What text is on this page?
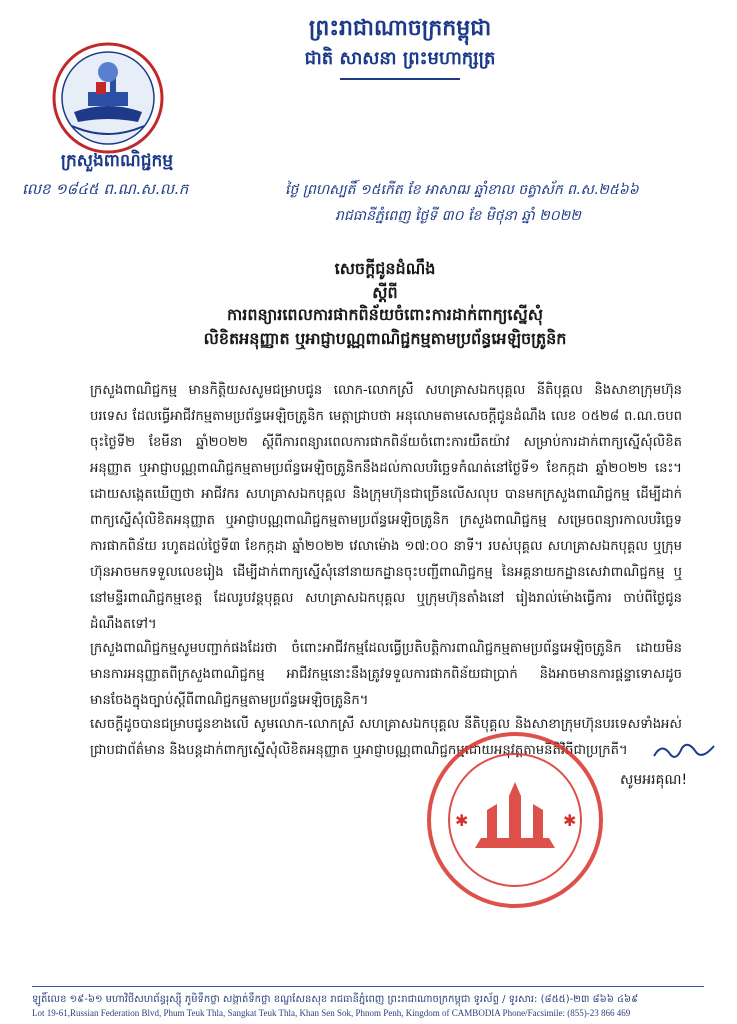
ព្រះរាជាណាចក្រកម្ពុជា
ជាតិ សាសនា ព្រះមហាក្សត្រ
ក្រសួងពាណិជ្ជកម្ម
លេខ ១៨៤៥ ព.ណ.ស.ល.ក	ថ្ងៃ ព្រហស្បតិ៍ ១៥កើត ខែ អាសាឍ ឆ្នាំខាល ចត្វាស័ក ព.ស.២៥៦៦
រាជធានីភ្នំពេញ ថ្ងៃទី ៣០ ខែ មិថុនា ឆ្នាំ ២០២២
សេចក្តីជូនដំណឹង
ស្តីពី
ការពន្យារពេលការផាកពិន័យចំពោះការដាក់ពាក្យស្នើសុំ
លិខិតអនុញ្ញាត ឬអាជ្ញាបណ្ណពាណិជ្ជកម្មតាមប្រព័ន្ធអេឡិចត្រូនិក
ក្រសួងពាណិជ្ជកម្ម មានកិត្តិយសសូមជម្រាបជូន លោក-លោកស្រី សហគ្រាសឯកបុគ្គល នីតិបុគ្គល និងសាខាក្រុមហ៊ុនបរទេស ដែលធ្វើអាជីវកម្មតាមប្រព័ន្ធអេឡិចត្រូនិក មេត្តាជ្រាបថា អនុលោមតាមសេចក្តីជូនដំណឹង លេខ ០៥២៨ ព.ណ.ចបព ចុះថ្ងៃទី២ ខែមីនា ឆ្នាំ២០២២ ស្តីពីការពន្យារពេលការផាកពិន័យចំពោះការយឺតយ៉ាវ សម្រាប់ការដាក់ពាក្យស្នើសុំលិខិតអនុញ្ញាត ឬអាជ្ញាបណ្ណពាណិជ្ជកម្មតាមប្រព័ន្ធអេឡិចត្រូនិកនឹងដល់កាលបរិច្ឆេទកំណត់នៅថ្ងៃទី១ ខែកក្កដា ឆ្នាំ២០២២ នេះ។ ដោយសង្កេតឃើញថា អាជីវករ សហគ្រាសឯកបុគ្គល និងក្រុមហ៊ុនជាច្រើនលើសលុប បានមកក្រសួងពាណិជ្ជកម្ម ដើម្បីដាក់ពាក្យស្នើសុំលិខិតអនុញ្ញាត ឬអាជ្ញាបណ្ណពាណិជ្ជកម្មតាមប្រព័ន្ធអេឡិចត្រូនិក ក្រសួងពាណិជ្ជកម្ម សម្រេចពន្យារកាលបរិច្ឆេទការផាកពិន័យ រហូតដល់ថ្ងៃទី៣ ខែកក្កដា ឆ្នាំ២០២២ វេលាម៉ោង ១៧:០០ នាទី។ របស់បុគ្គល សហគ្រាសឯកបុគ្គល ឬក្រុមហ៊ុនអាចមកទទួលលេខរៀង ដើម្បីដាក់ពាក្យស្នើសុំនៅនាយកដ្ឋានចុះបញ្ជីពាណិជ្ជកម្ម នៃអគ្គនាយកដ្ឋានសេវាពាណិជ្ជកម្ម ឬនៅមន្ទីរពាណិជ្ជកម្មខេត្ត ដែលរូបវន្តបុគ្គល សហគ្រាសឯកបុគ្គល ឬក្រុមហ៊ុនតាំងនៅ រៀងរាល់ម៉ោងធ្វើការ ចាប់ពីថ្ងៃជូនដំណឹងតទៅ។
ក្រសួងពាណិជ្ជកម្មសូមបញ្ជាក់ផងដែរថា ចំពោះអាជីវកម្មដែលធ្វើប្រតិបត្តិការពាណិជ្ជកម្មតាមប្រព័ន្ធអេឡិចត្រូនិក ដោយមិនមានការអនុញ្ញាតពីក្រសួងពាណិជ្ជកម្ម អាជីវកម្មនោះនឹងត្រូវទទួលការផាកពិន័យជាប្រាក់ និងអាចមានការផ្តន្ទាទោសដូចមានចែងក្នុងច្បាប់ស្តីពីពាណិជ្ជកម្មតាមប្រព័ន្ធអេឡិចត្រូនិក។
សេចក្តីដូចបានជម្រាបជូនខាងលើ សូមលោក-លោកស្រី សហគ្រាសឯកបុគ្គល នីតិបុគ្គល និងសាខាក្រុមហ៊ុនបរទេសទាំងអស់ ជ្រាបជាព័ត៌មាន និងបន្តដាក់ពាក្យស្នើសុំលិខិតអនុញ្ញាត ឬអាជ្ញាបណ្ណពាណិជ្ជកម្មដោយអនុវត្តតាមនីតិវិធីជាប្រក្រតី។
✱	✱
សូមអរគុណ!
ឡូតិ៍លេខ ១៩-៦១ មហាវិថីសហព័ន្ធរុស្ស៊ី ភូមិទឹកថ្លា សង្កាត់ទឹកថ្លា ខណ្ឌសែនសុខ រាជធានីភ្នំពេញ ព្រះរាជាណាចក្រកម្ពុជា ទូរស័ព្ទ / ទូរសារ: (៨៥៥)-២៣ ៨៦៦ ៤៦៩
Lot 19-61,Russian Federation Blvd, Phum Teuk Thla, Sangkat Teuk Thla, Khan Sen Sok, Phnom Penh, Kingdom of CAMBODIA Phone/Facsimile: (855)-23 866 469
